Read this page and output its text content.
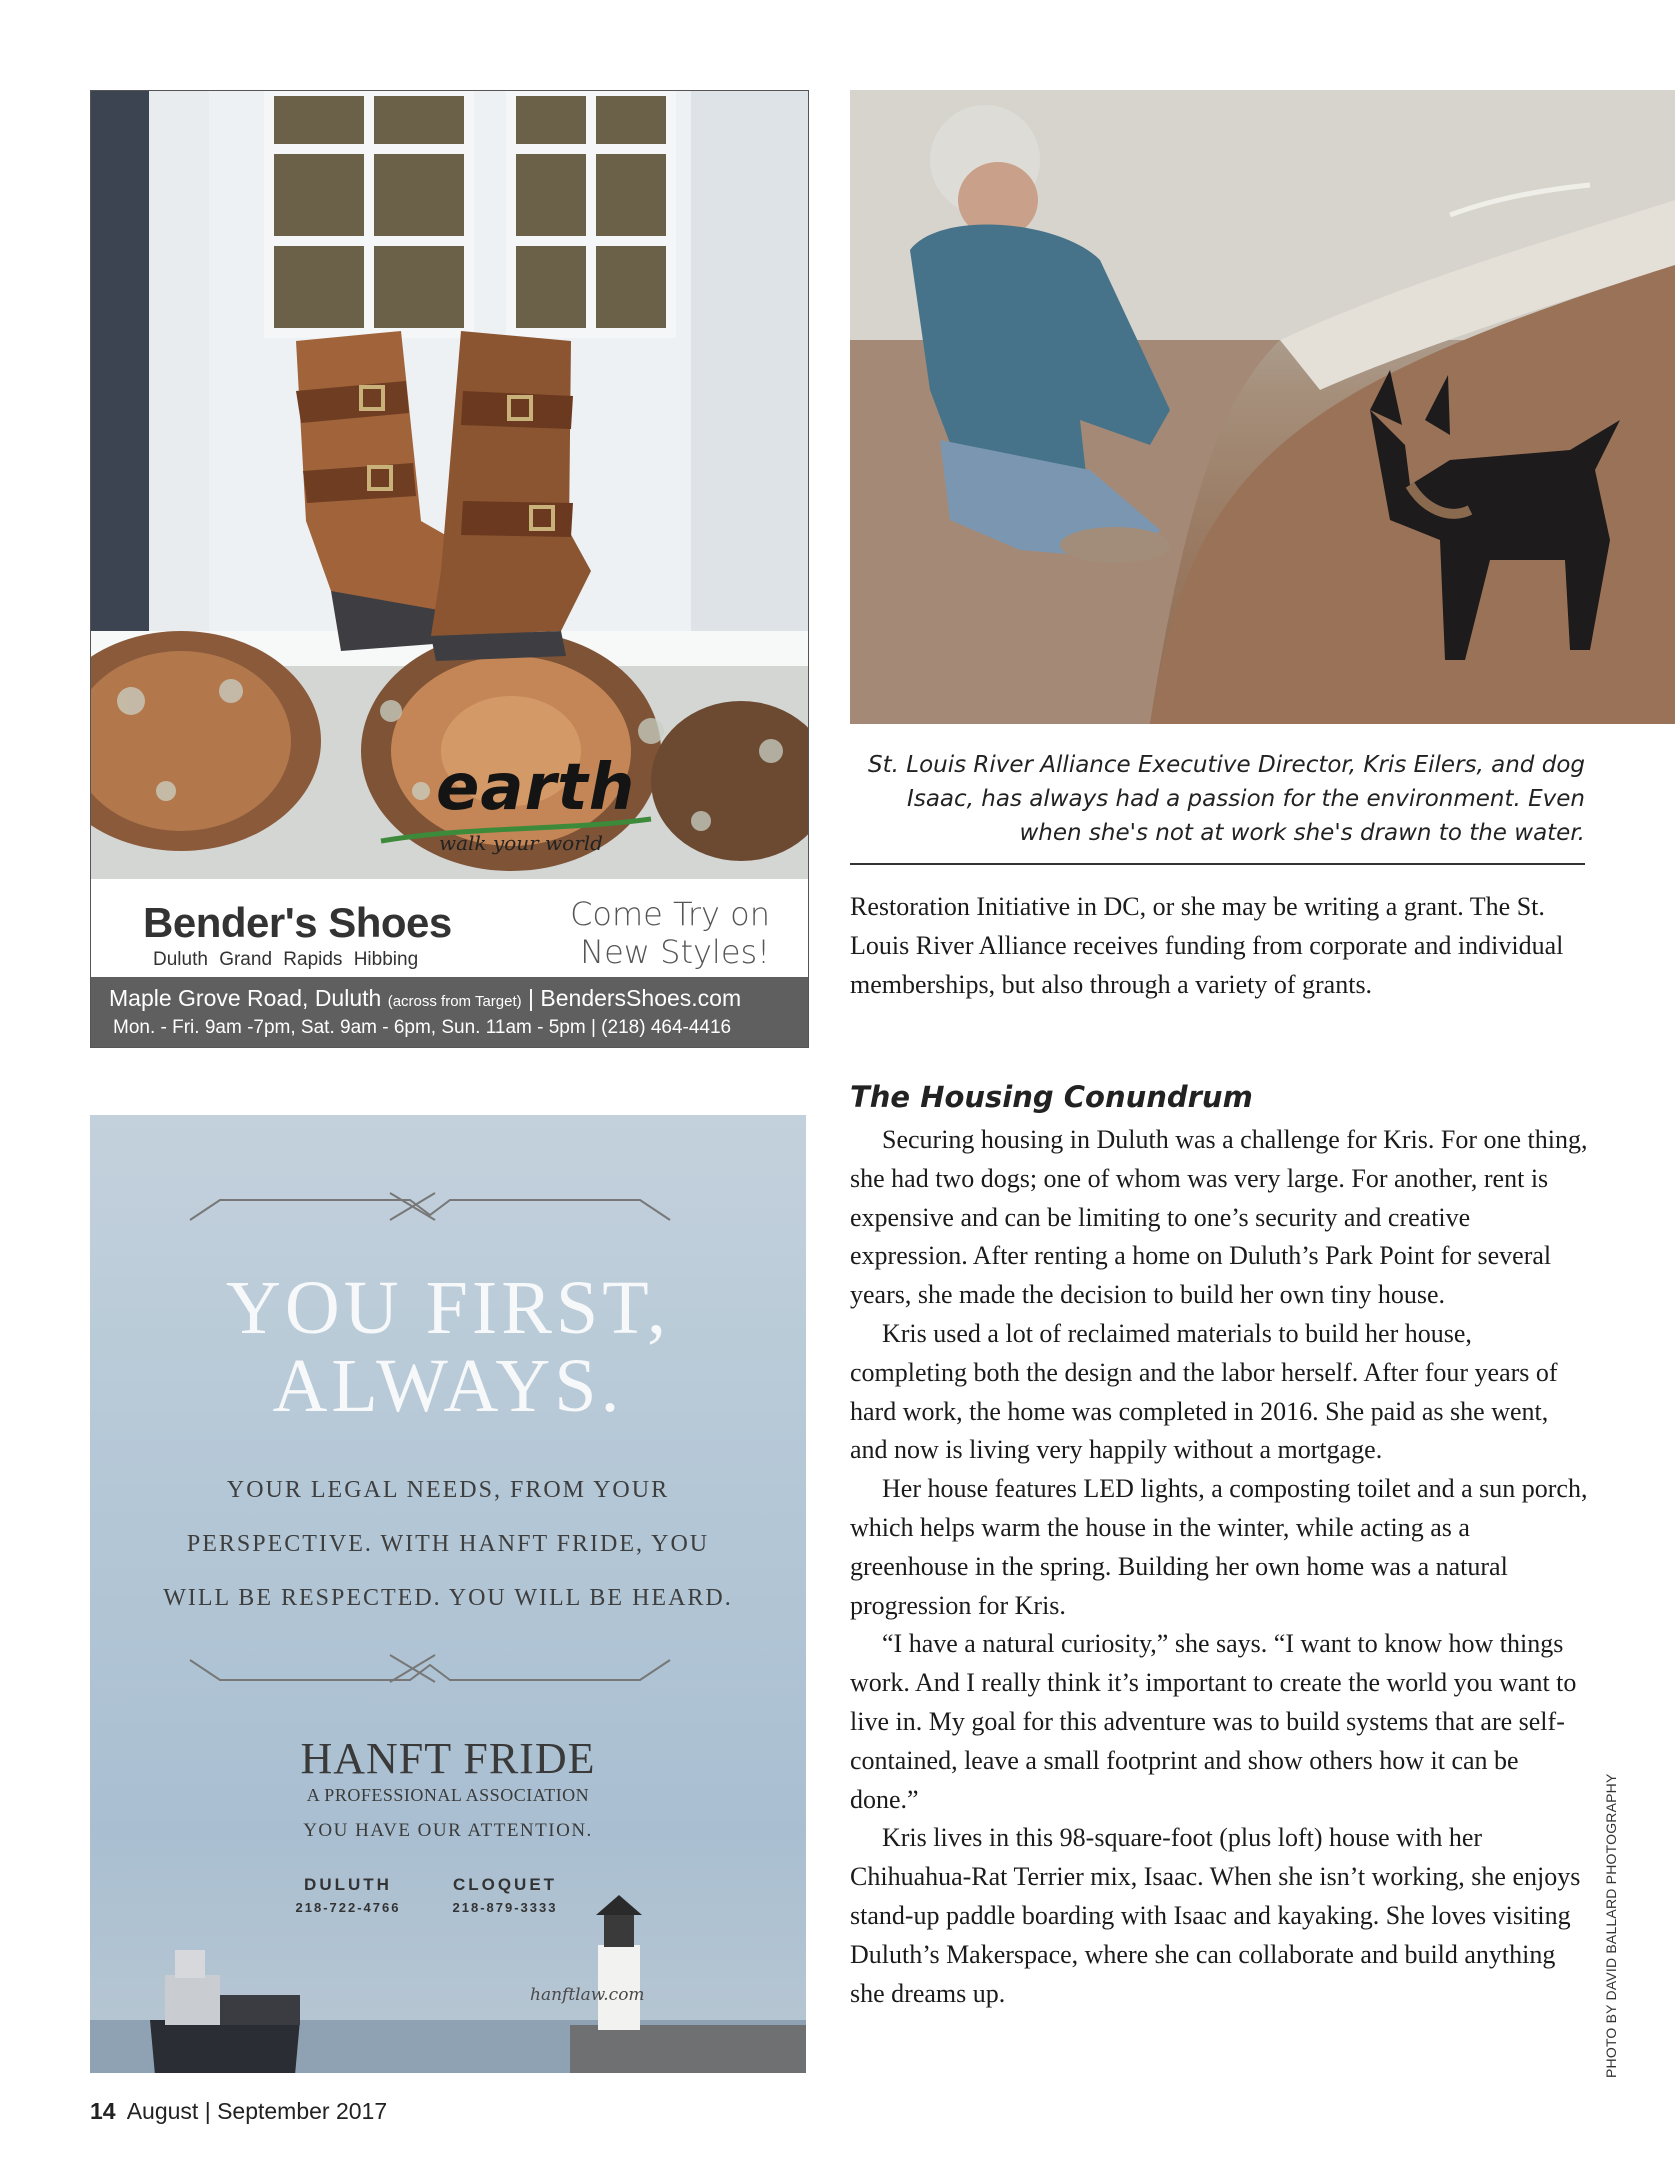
earth
walk your world
Bender's Shoes
Duluth Grand Rapids Hibbing
Come Try on New Styles!
Maple Grove Road, Duluth (across from Target) | BendersShoes.com
Mon. - Fri. 9am -7pm, Sat. 9am - 6pm, Sun. 11am - 5pm | (218) 464-4416
St. Louis River Alliance Executive Director, Kris Eilers, and dog Isaac, has always had a passion for the environment. Even when she's not at work she's drawn to the water.

Restoration Initiative in DC, or she may be writing a grant. The St. Louis River Alliance receives funding from corporate and individual memberships, but also through a variety of grants.

The Housing Conundrum

Securing housing in Duluth was a challenge for Kris. For one thing, she had two dogs; one of whom was very large. For another, rent is expensive and can be limiting to one’s security and creative expression. After renting a home on Duluth’s Park Point for several years, she made the decision to build her own tiny house.

Kris used a lot of reclaimed materials to build her house, completing both the design and the labor herself. After four years of hard work, the home was completed in 2016. She paid as she went, and now is living very happily without a mortgage.

Her house features LED lights, a composting toilet and a sun porch, which helps warm the house in the winter, while acting as a greenhouse in the spring. Building her own home was a natural progression for Kris.

“I have a natural curiosity,” she says. “I want to know how things work. And I really think it’s important to create the world you want to live in. My goal for this adventure was to build systems that are self-contained, leave a small footprint and show others how it can be done.”

Kris lives in this 98-square-foot (plus loft) house with her Chihuahua-Rat Terrier mix, Isaac. When she isn’t working, she enjoys stand-up paddle boarding with Isaac and kayaking. She loves visiting Duluth’s Makerspace, where she can collaborate and build anything she dreams up.	PHOTO BY DAVID BALLARD PHOTOGRAPHY
YOU FIRST,
ALWAYS.
YOUR LEGAL NEEDS, FROM YOUR
PERSPECTIVE. WITH HANFT FRIDE, YOU
WILL BE RESPECTED. YOU WILL BE HEARD.
HANFT FRIDE
A PROFESSIONAL ASSOCIATION
YOU HAVE OUR ATTENTION.
DULUTH
218-722-4766
CLOQUET
218-879-3333
hanftlaw.com
14 August | September 2017
